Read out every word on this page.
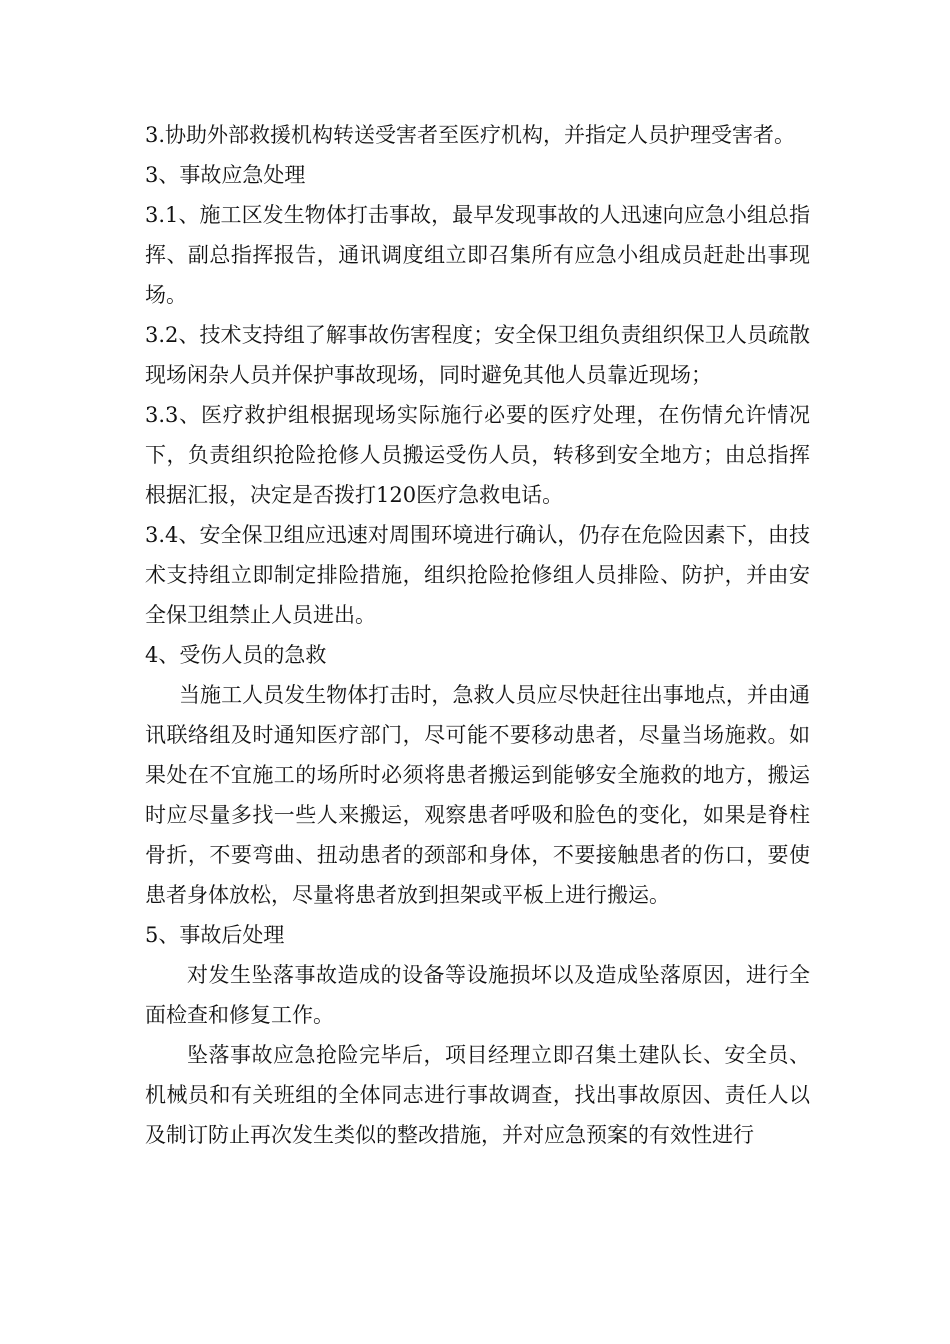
3.协助外部救援机构转送受害者至医疗机构，并指定人员护理受害者。

3、事故应急处理

3.1、施工区发生物体打击事故，最早发现事故的人迅速向应急小组总指挥、副总指挥报告，通讯调度组立即召集所有应急小组成员赶赴出事现场。

3.2、技术支持组了解事故伤害程度；安全保卫组负责组织保卫人员疏散现场闲杂人员并保护事故现场，同时避免其他人员靠近现场；

3.3、医疗救护组根据现场实际施行必要的医疗处理，在伤情允许情况下，负责组织抢险抢修人员搬运受伤人员，转移到安全地方；由总指挥根据汇报，决定是否拨打120医疗急救电话。

3.4、安全保卫组应迅速对周围环境进行确认，仍存在危险因素下，由技术支持组立即制定排险措施，组织抢险抢修组人员排险、防护，并由安全保卫组禁止人员进出。

4、受伤人员的急救

当施工人员发生物体打击时，急救人员应尽快赶往出事地点，并由通讯联络组及时通知医疗部门，尽可能不要移动患者，尽量当场施救。如果处在不宜施工的场所时必须将患者搬运到能够安全施救的地方，搬运时应尽量多找一些人来搬运，观察患者呼吸和脸色的变化，如果是脊柱骨折，不要弯曲、扭动患者的颈部和身体，不要接触患者的伤口，要使患者身体放松，尽量将患者放到担架或平板上进行搬运。

5、事故后处理

对发生坠落事故造成的设备等设施损坏以及造成坠落原因，进行全面检查和修复工作。

坠落事故应急抢险完毕后，项目经理立即召集土建队长、安全员、机械员和有关班组的全体同志进行事故调查，找出事故原因、责任人以及制订防止再次发生类似的整改措施，并对应急预案的有效性进行
